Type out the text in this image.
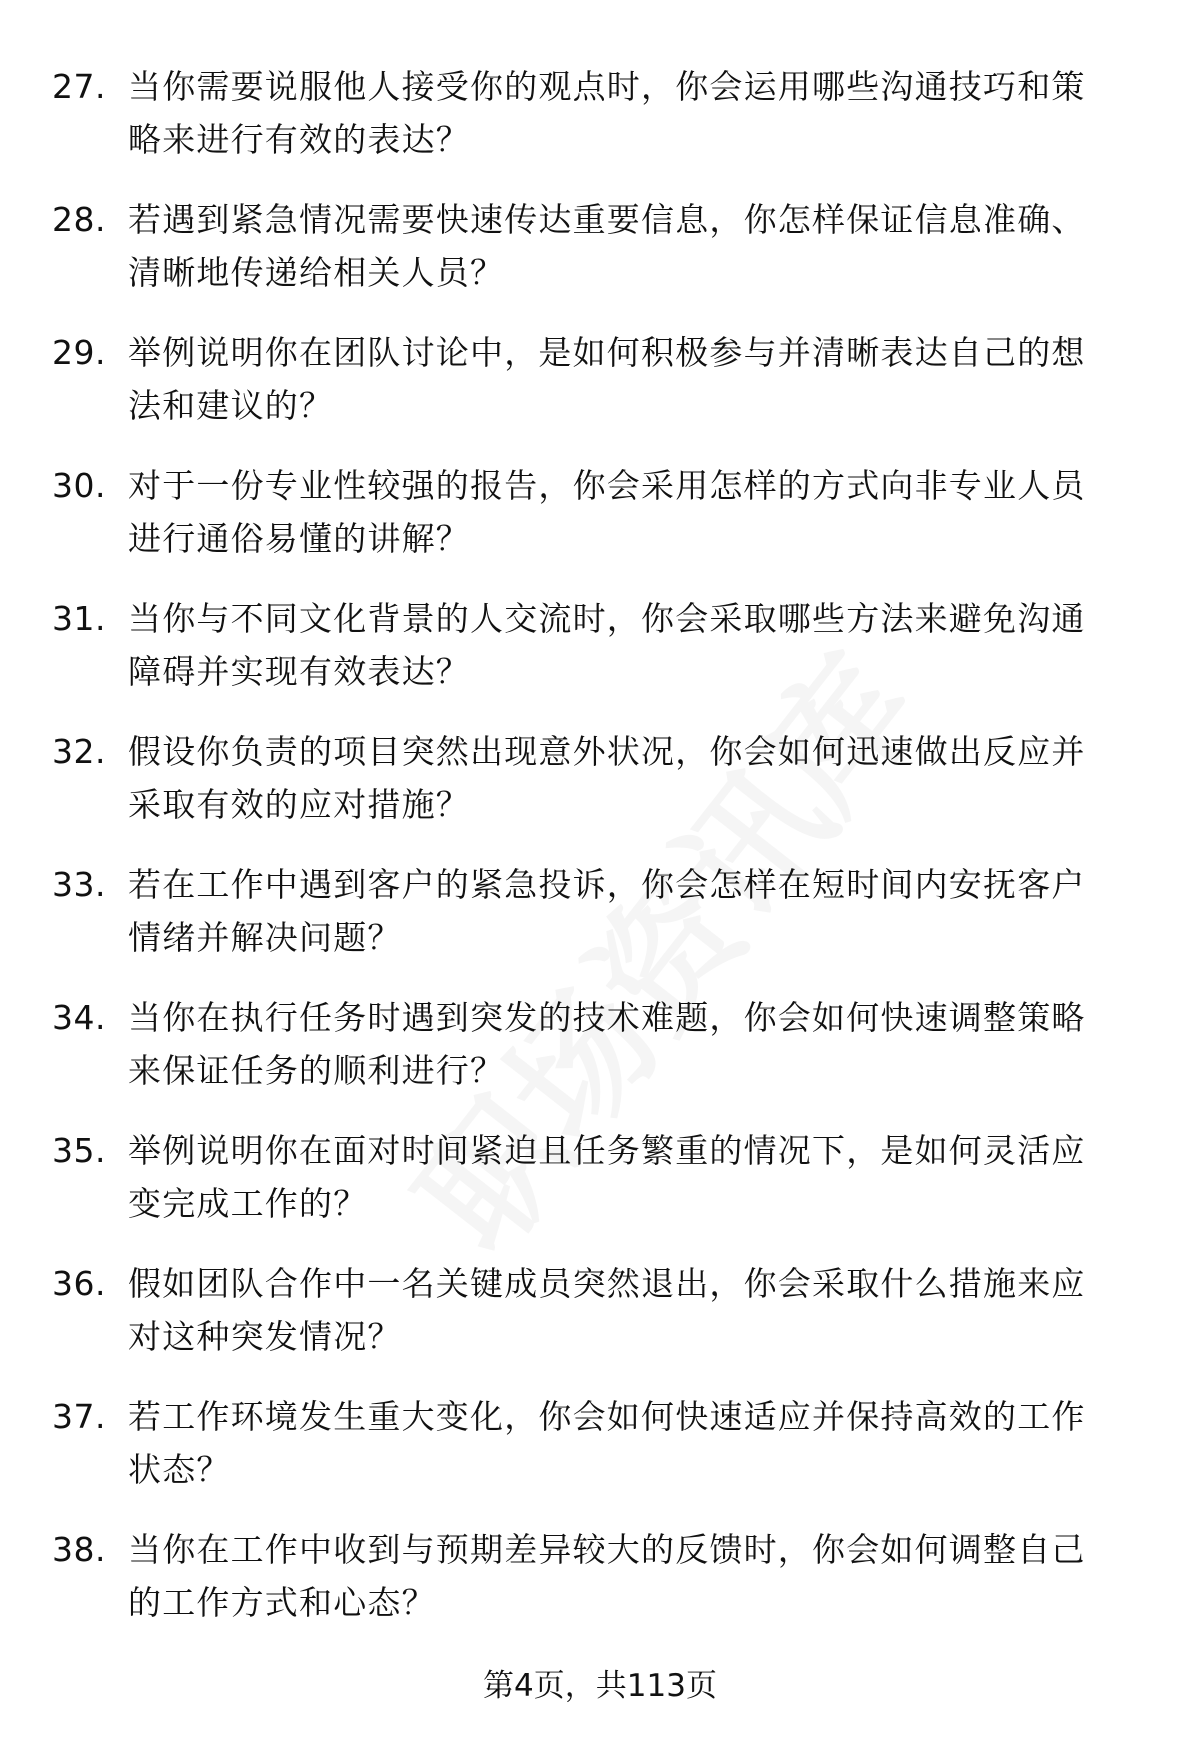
27. 当你需要说服他人接受你的观点时，你会运用哪些沟通技巧和策
略来进行有效的表达？
28. 若遇到紧急情况需要快速传达重要信息，你怎样保证信息准确、
清晰地传递给相关人员？
29. 举例说明你在团队讨论中，是如何积极参与并清晰表达自己的想
法和建议的？
30. 对于一份专业性较强的报告，你会采用怎样的方式向非专业人员
进行通俗易懂的讲解？
31. 当你与不同文化背景的人交流时，你会采取哪些方法来避免沟通
障碍并实现有效表达？
32. 假设你负责的项目突然出现意外状况，你会如何迅速做出反应并
采取有效的应对措施？
33. 若在工作中遇到客户的紧急投诉，你会怎样在短时间内安抚客户
情绪并解决问题？
34. 当你在执行任务时遇到突发的技术难题，你会如何快速调整策略
来保证任务的顺利进行？
35. 举例说明你在面对时间紧迫且任务繁重的情况下，是如何灵活应
变完成工作的？
36. 假如团队合作中一名关键成员突然退出，你会采取什么措施来应
对这种突发情况？
37. 若工作环境发生重大变化，你会如何快速适应并保持高效的工作
状态？
38. 当你在工作中收到与预期差异较大的反馈时，你会如何调整自己
的工作方式和心态？
第4页，共113页
